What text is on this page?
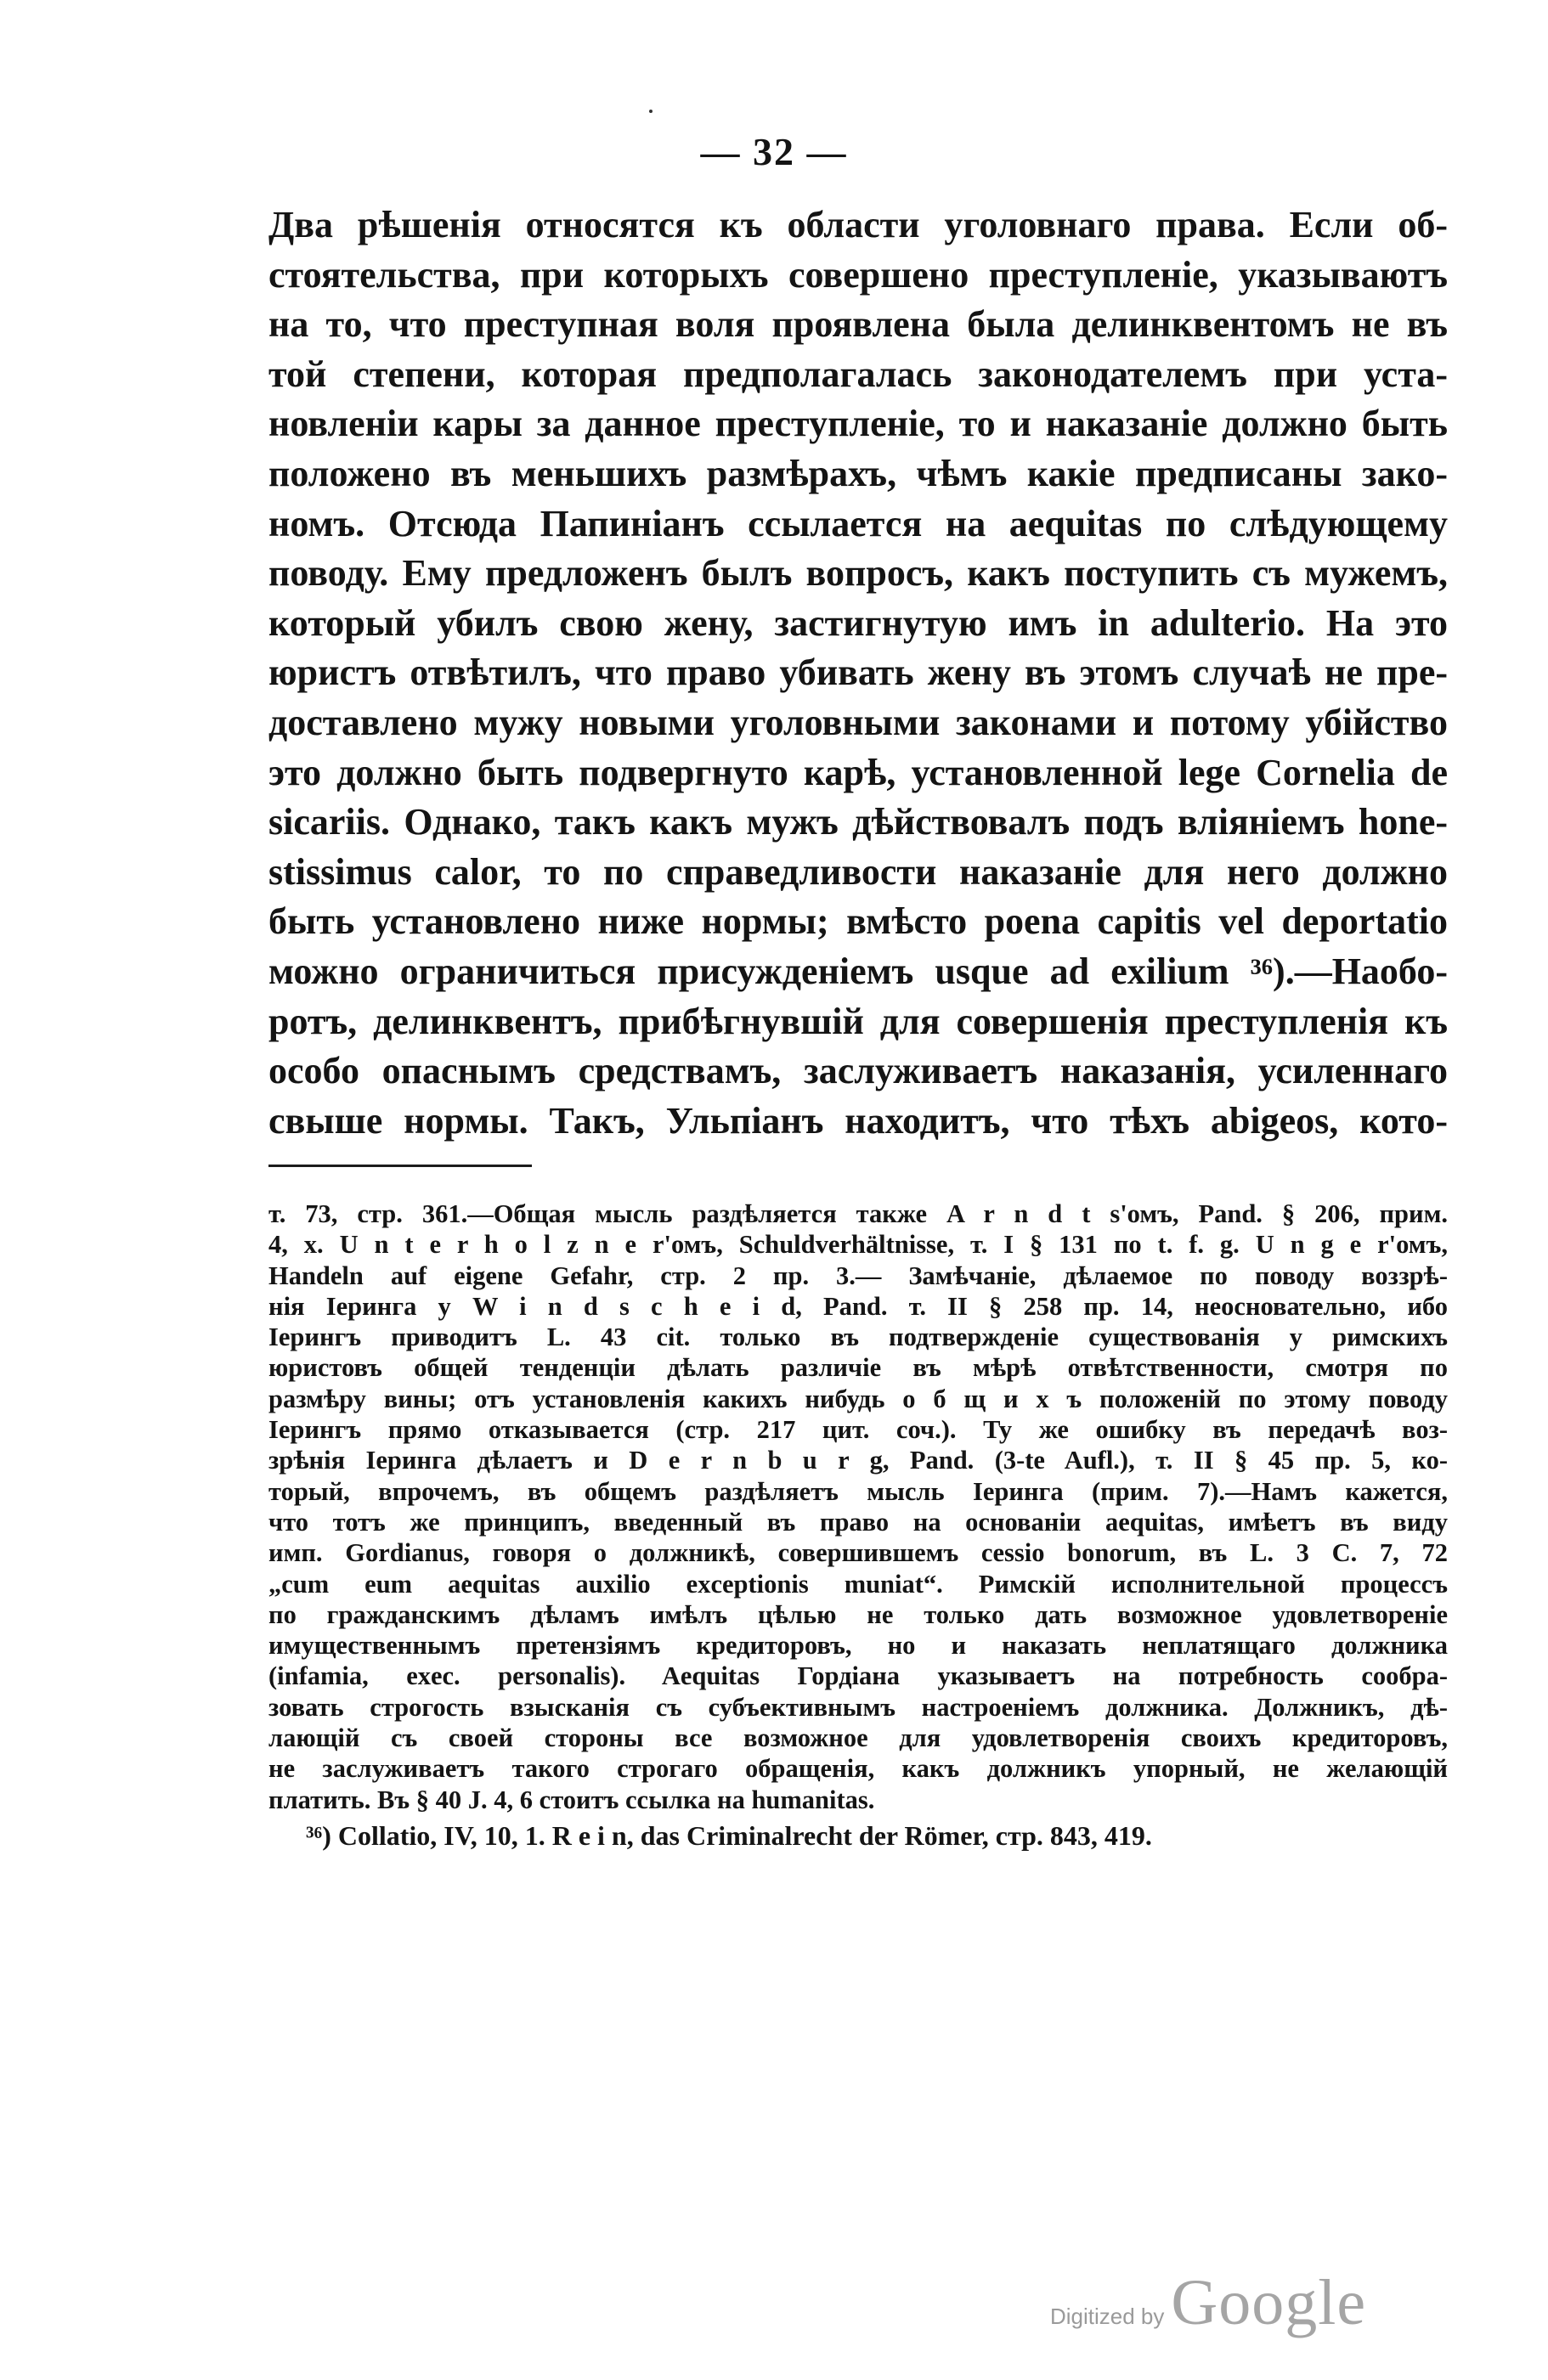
— 32 —
Два рѣшенія относятся къ области уголовнаго права. Если об-
стоятельства, при которыхъ совершено преступленіе, указываютъ
на то, что преступная воля проявлена была делинквентомъ не въ
той степени, которая предполагалась законодателемъ при уста-
новленіи кары за данное преступленіе, то и наказаніе должно быть
положено въ меньшихъ размѣрахъ, чѣмъ какіе предписаны зако-
номъ. Отсюда Папиніанъ ссылается на aequitas по слѣдующему
поводу. Ему предложенъ былъ вопросъ, какъ поступить съ мужемъ,
который убилъ свою жену, застигнутую имъ in adulterio. На это
юристъ отвѣтилъ, что право убивать жену въ этомъ случаѣ не пре-
доставлено мужу новыми уголовными законами и потому убійство
это должно быть подвергнуто карѣ, установленной lege Cornelia de
sicariis. Однако, такъ какъ мужъ дѣйствовалъ подъ вліяніемъ hone-
stissimus calor, то по справедливости наказаніе для него должно
быть установлено ниже нормы; вмѣсто poena capitis vel deportatio
можно ограничиться присужденіемъ usque ad exilium ³⁶).—Наобо-
ротъ, делинквентъ, прибѣгнувшій для совершенія преступленія къ
особо опаснымъ средствамъ, заслуживаетъ наказанія, усиленнаго
свыше нормы. Такъ, Ульпіанъ находитъ, что тѣхъ abigeos, кото-
т. 73, стр. 361.—Общая мысль раздѣляется также A r n d t s'омъ, Pand. § 206, прим.
4, x. U n t e r h o l z n e r'омъ, Schuldverhältnisse, т. I § 131 по t. f. g. U n g e r'омъ,
Handeln auf eigene Gefahr, стр. 2 пр. 3.— Замѣчаніе, дѣлаемое по поводу воззрѣ-
нія Іеринга у W i n d s c h e i d, Pand. т. II § 258 пр. 14, неосновательно, ибо
Іерингъ приводитъ L. 43 cit. только въ подтвержденіе существованія у римскихъ
юристовъ общей тенденціи дѣлать различіе въ мѣрѣ отвѣтственности, смотря по
размѣру вины; отъ установленія какихъ нибудь о б щ и х ъ положеній по этому поводу
Іерингъ прямо отказывается (стр. 217 цит. соч.). Ту же ошибку въ передачѣ воз-
зрѣнія Іеринга дѣлаетъ и D e r n b u r g, Pand. (3-te Aufl.), т. II § 45 пр. 5, ко-
торый, впрочемъ, въ общемъ раздѣляетъ мысль Іеринга (прим. 7).—Намъ кажется,
что тотъ же принципъ, введенный въ право на основаніи aequitas, имѣетъ въ виду
имп. Gordianus, говоря о должникѣ, совершившемъ cessio bonorum, въ L. 3 C. 7, 72
„cum eum aequitas auxilio exceptionis muniat“. Римскій исполнительной процессъ
по гражданскимъ дѣламъ имѣлъ цѣлью не только дать возможное удовлетвореніе
имущественнымъ претензіямъ кредиторовъ, но и наказать неплатящаго должника
(infamia, exec. personalis). Aequitas Гордіана указываетъ на потребность сообра-
зовать строгость взысканія съ субъективнымъ настроеніемъ должника. Должникъ, дѣ-
лающій съ своей стороны все возможное для удовлетворенія своихъ кредиторовъ,
не заслуживаетъ такого строгаго обращенія, какъ должникъ упорный, не желающій
платить. Въ § 40 J. 4, 6 стоитъ ссылка на humanitas.
³⁶) Collatio, IV, 10, 1. R e i n, das Criminalrecht der Römer, стр. 843, 419.
Digitized by Google
